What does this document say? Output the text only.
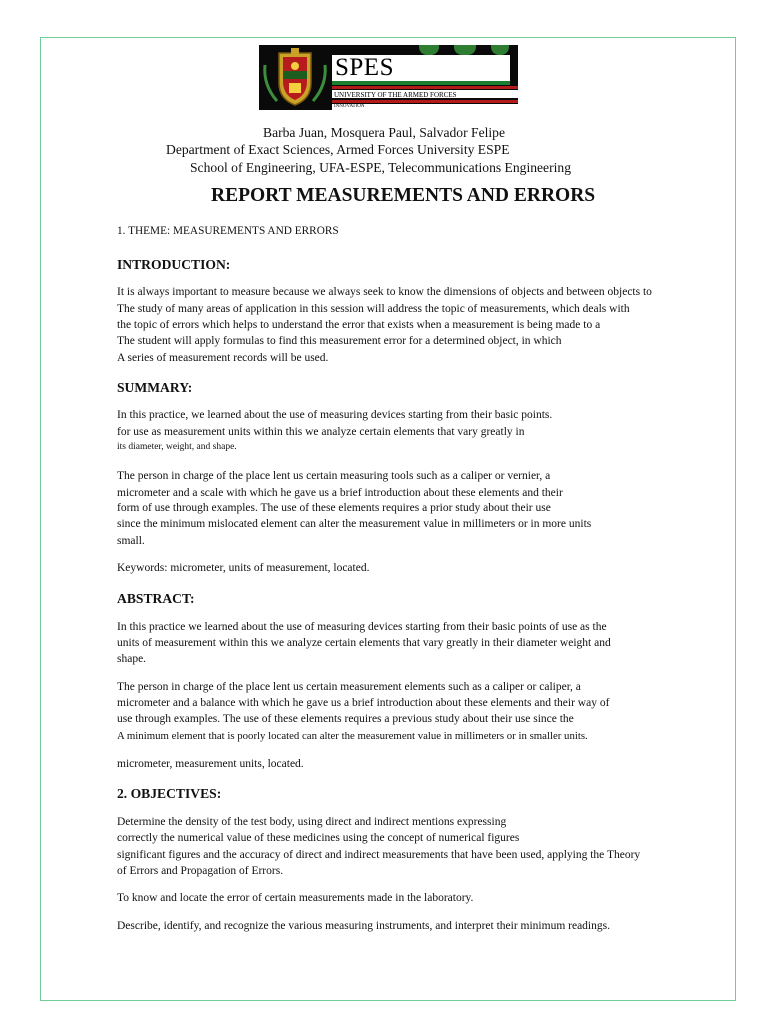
SPES
UNIVERSITY OF THE ARMED FORCES
INNOVATION
Barba Juan, Mosquera Paul, Salvador Felipe
Department of Exact Sciences, Armed Forces University ESPE
School of Engineering, UFA-ESPE, Telecommunications Engineering
REPORT MEASUREMENTS AND ERRORS
1. THEME: MEASUREMENTS AND ERRORS
INTRODUCTION:
It is always important to measure because we always seek to know the dimensions of objects and between objects to
The study of many areas of application in this session will address the topic of measurements, which deals with
the topic of errors which helps to understand the error that exists when a measurement is being made to a
The student will apply formulas to find this measurement error for a determined object, in which
A series of measurement records will be used.
SUMMARY:
In this practice, we learned about the use of measuring devices starting from their basic points.
for use as measurement units within this we analyze certain elements that vary greatly in
its diameter, weight, and shape.
The person in charge of the place lent us certain measuring tools such as a caliper or vernier, a
micrometer and a scale with which he gave us a brief introduction about these elements and their
form of use through examples. The use of these elements requires a prior study about their use
since the minimum mislocated element can alter the measurement value in millimeters or in more units
small.
Keywords: micrometer, units of measurement, located.
ABSTRACT:
In this practice we learned about the use of measuring devices starting from their basic points of use as the
units of measurement within this we analyze certain elements that vary greatly in their diameter weight and
shape.
The person in charge of the place lent us certain measurement elements such as a caliper or caliper, a
micrometer and a balance with which he gave us a brief introduction about these elements and their way of
use through examples. The use of these elements requires a previous study about their use since the
A minimum element that is poorly located can alter the measurement value in millimeters or in smaller units.
micrometer, measurement units, located.
2. OBJECTIVES:
Determine the density of the test body, using direct and indirect mentions expressing
correctly the numerical value of these medicines using the concept of numerical figures
significant figures and the accuracy of direct and indirect measurements that have been used, applying the Theory
of Errors and Propagation of Errors.
To know and locate the error of certain measurements made in the laboratory.
Describe, identify, and recognize the various measuring instruments, and interpret their minimum readings.
